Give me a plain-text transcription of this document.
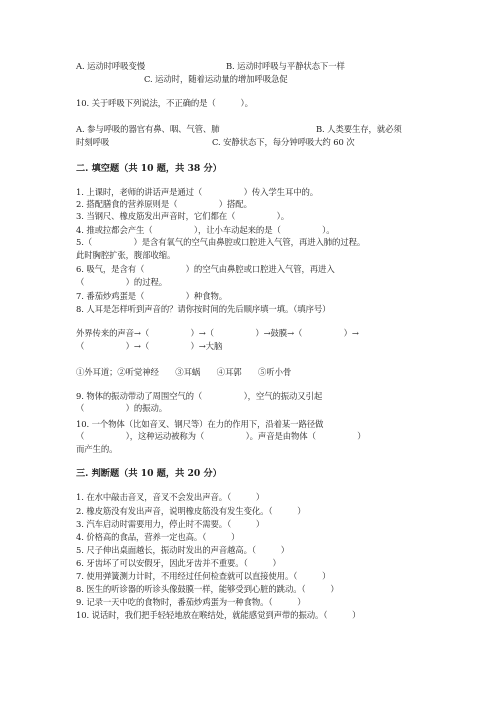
A. 运动时呼吸变慢	B. 运动时呼吸与平静状态下一样
C. 运动时，随着运动量的增加呼吸急促
10. 关于呼吸下列说法，不正确的是（　　　）。
A. 参与呼吸的器官有鼻、咽、气管、肺	B. 人类要生存，就必须
时刻呼吸	C. 安静状态下，每分钟呼吸大约 60 次
二. 填空题（共 10 题，共 38 分）
1. 上课时，老师的讲话声是通过（　　　　　）传入学生耳中的。
2. 搭配膳食的营养原则是（　　　　　）搭配。
3. 当钢尺、橡皮筋发出声音时，它们都在（　　　　　）。
4. 推或拉都会产生（　　　　　），让小车动起来的是（　　　　　）。
5.（　　　　　）是含有氧气的空气由鼻腔或口腔进入气管，再进入肺的过程。
此时胸腔扩张，腹部收缩。
6. 吸气，是含有（　　　　　）的空气由鼻腔或口腔进入气管，再进入
（　　　　　）的过程。
7. 番茄炒鸡蛋是（　　　　　）种食物。
8. 人耳是怎样听到声音的？请你按时间的先后顺序填一填。（填序号）
外界传来的声音→（　　　　　）→（　　　　　）→鼓膜→（　　　　　）→
（　　　　　）→（　　　　　）→大脑
①外耳道；②听觉神经　　③耳蜗　　④耳郭　　⑤听小骨
9. 物体的振动带动了周围空气的（　　　　　），空气的振动又引起
（　　　　　）的振动。
10. 一个物体（比如音叉、钢尺等）在力的作用下，沿着某一路径做
（　　　　　），这种运动被称为（　　　　　）。声音是由物体（　　　　　）
而产生的。
三. 判断题（共 10 题，共 20 分）
1. 在水中敲击音叉，音叉不会发出声音。（　　　）
2. 橡皮筋没有发出声音，说明橡皮筋没有发生变化。（　　　）
3. 汽车启动时需要用力，停止时不需要。（　　　）
4. 价格高的食品，营养一定也高。（　　　）
5. 尺子伸出桌面越长，振动时发出的声音越高。（　　　）
6. 牙齿坏了可以安假牙，因此牙齿并不重要。（　　　）
7. 使用弹簧测力计时，不用经过任何检查就可以直接使用。（　　　）
8. 医生的听诊器的听诊头像鼓膜一样，能够受到心脏的跳动。（　　　）
9. 记录一天中吃的食物时，番茄炒鸡蛋为一种食物。（　　　）
10. 说话时，我们把手轻轻地放在喉结处，就能感觉到声带的振动。（　　　）
